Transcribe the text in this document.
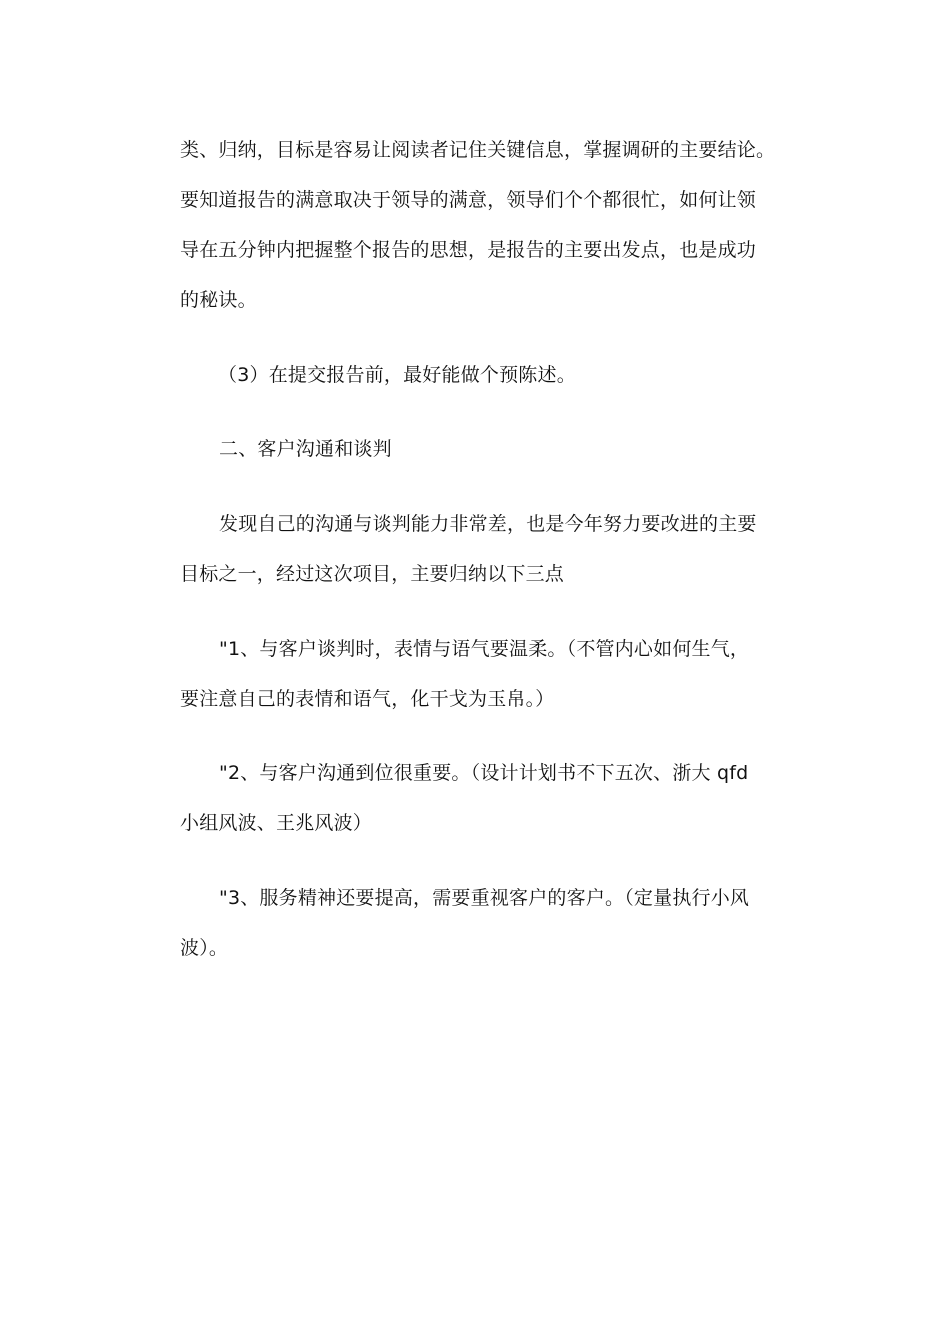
类、归纳，目标是容易让阅读者记住关键信息，掌握调研的主要结论。
要知道报告的满意取决于领导的满意，领导们个个都很忙，如何让领
导在五分钟内把握整个报告的思想，是报告的主要出发点，也是成功
的秘诀。
（3）在提交报告前，最好能做个预陈述。
二、客户沟通和谈判
发现自己的沟通与谈判能力非常差，也是今年努力要改进的主要
目标之一，经过这次项目，主要归纳以下三点
"1、与客户谈判时，表情与语气要温柔。（不管内心如何生气，
要注意自己的表情和语气，化干戈为玉帛。）
"2、与客户沟通到位很重要。（设计计划书不下五次、浙大 qfd
小组风波、王兆风波）
"3、服务精神还要提高，需要重视客户的客户。（定量执行小风
波）。
